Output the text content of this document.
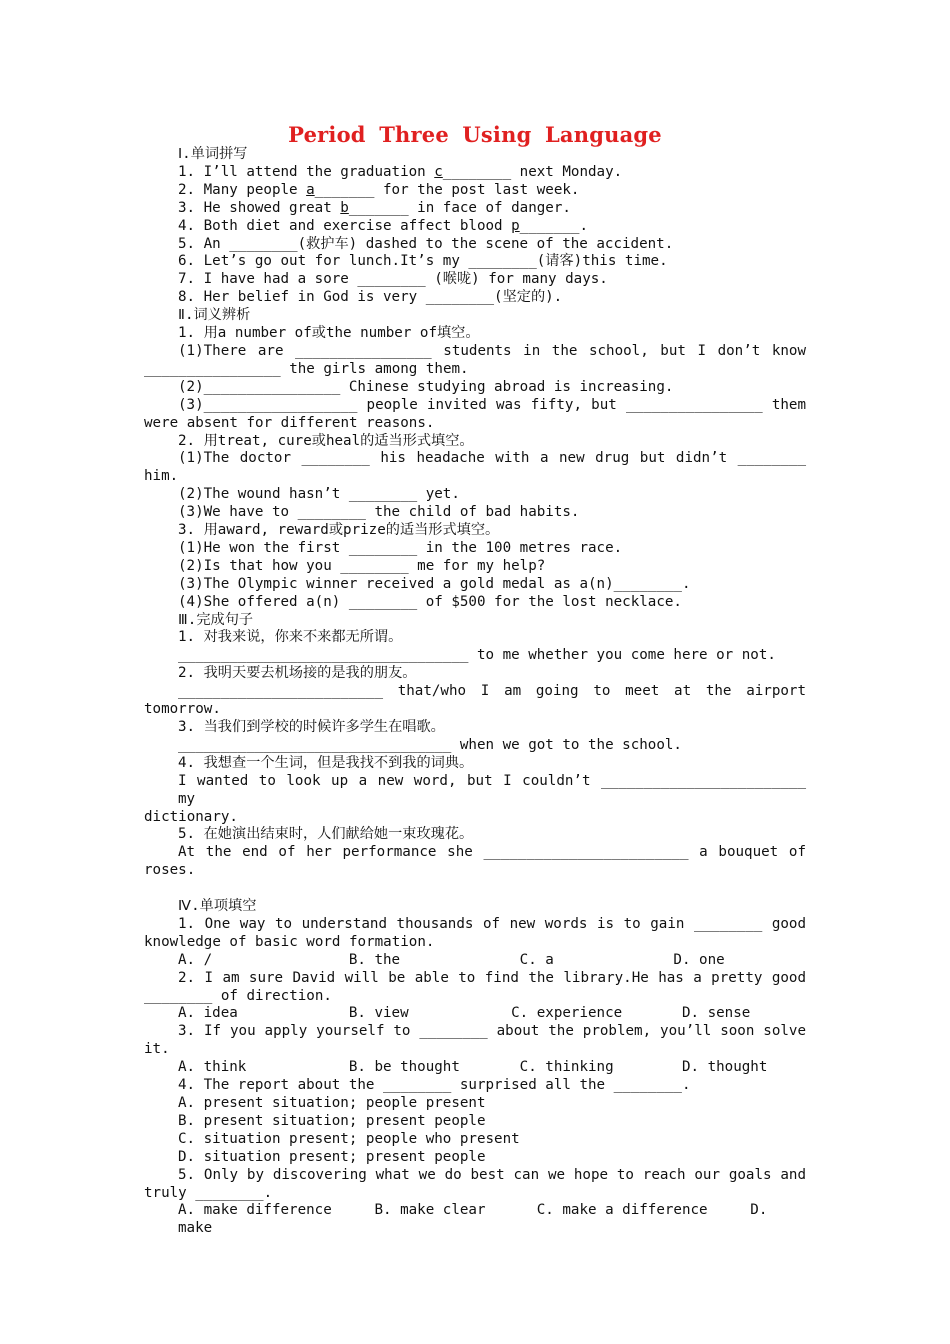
Period Three Using Language
Ⅰ.单词拼写
1. I’ll attend the graduation c________ next Monday.
2. Many people a_______ for the post last week.
3. He showed great b_______ in face of danger.
4. Both diet and exercise affect blood p_______.
5. An ________(救护车) dashed to the scene of the accident.
6. Let’s go out for lunch.It’s my ________(请客)this time.
7. I have had a sore ________ (喉咙) for many days.
8. Her belief in God is very ________(坚定的).
Ⅱ.词义辨析
1. 用a number of或the number of填空。
(1)There are ________________ students in the school, but I don’t know
________________ the girls among them.
(2)________________ Chinese studying abroad is increasing.
(3)__________________ people invited was fifty, but ________________ them
were absent for different reasons.
2. 用treat, cure或heal的适当形式填空。
(1)The doctor ________ his headache with a new drug but didn’t ________
him.
(2)The wound hasn’t ________ yet.
(3)We have to ________ the child of bad habits.
3. 用award, reward或prize的适当形式填空。
(1)He won the first ________ in the 100 metres race.
(2)Is that how you ________ me for my help?
(3)The Olympic winner received a gold medal as a(n)________.
(4)She offered a(n) ________ of $500 for the lost necklace.
Ⅲ.完成句子
1. 对我来说，你来不来都无所谓。
__________________________________ to me whether you come here or not.
2. 我明天要去机场接的是我的朋友。
________________________ that/who I am going to meet at the airport
tomorrow.
3. 当我们到学校的时候许多学生在唱歌。
________________________________ when we got to the school.
4. 我想查一个生词，但是我找不到我的词典。
I wanted to look up a new word, but I couldn’t ________________________ my
dictionary.
5. 在她演出结束时，人们献给她一束玫瑰花。
At the end of her performance she ________________________ a bouquet of
roses.
Ⅳ.单项填空
1. One way to understand thousands of new words is to gain ________ good
knowledge of basic word formation.
A. /                B. the              C. a              D. one
2. I am sure David will be able to find the library.He has a pretty good
________ of direction.
A. idea             B. view            C. experience       D. sense
3. If you apply yourself to ________ about the problem, you’ll soon solve
it.
A. think            B. be thought       C. thinking        D. thought
4. The report about the ________ surprised all the ________.
A. present situation; people present
B. present situation; present people
C. situation present; people who present
D. situation present; present people
5. Only by discovering what we do best can we hope to reach our goals and
truly ________.
A. make difference     B. make clear      C. make a difference     D. make
